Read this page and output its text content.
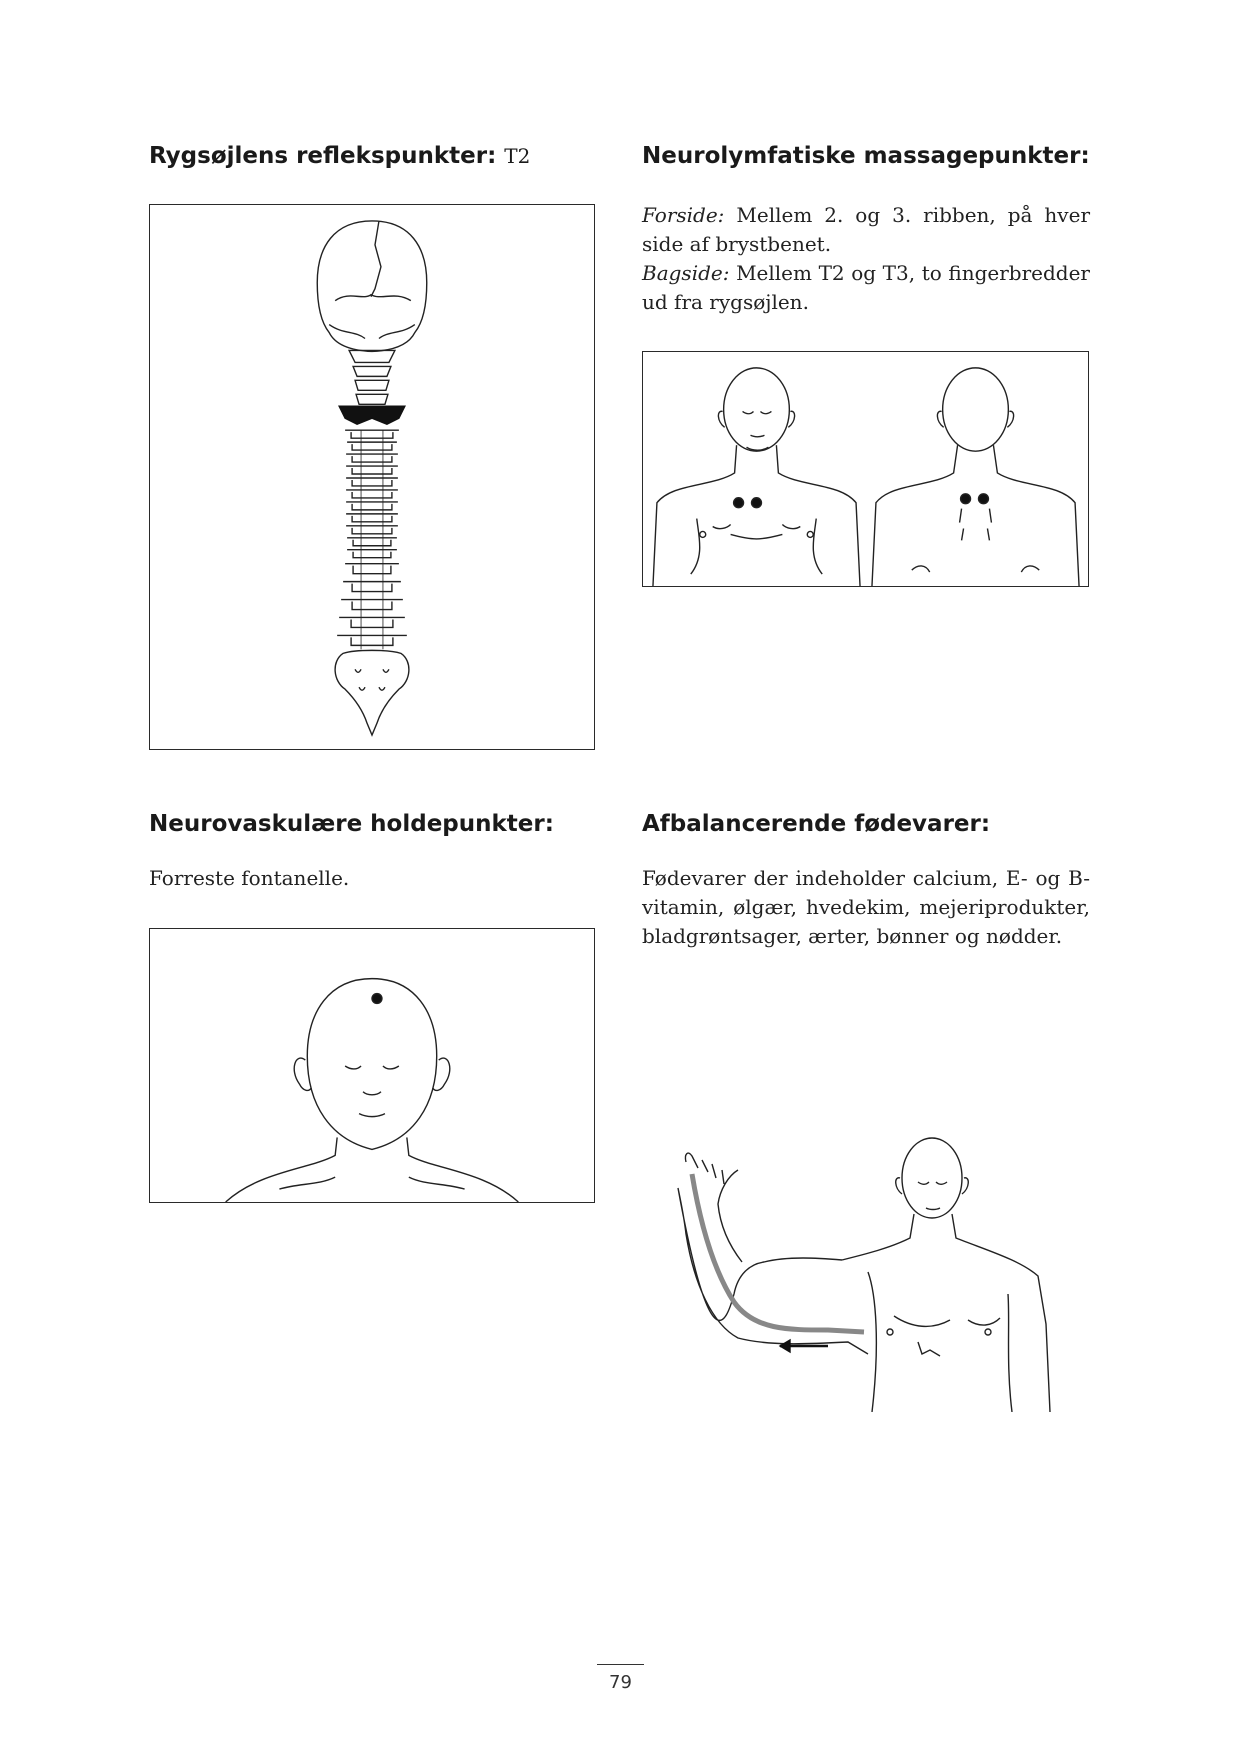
Rygsøjlens reflekspunkter: T2	Neurolymfatiske massagepunkter:
Forside: Mellem 2. og 3. ribben, på hver side af brystbenet.
Bagside: Mellem T2 og T3, to fingerbredder ud fra rygsøjlen.
Neurovaskulære holdepunkter:	Afbalancerende fødevarer:
Forreste fontanelle.	Fødevarer der indeholder calcium, E- og B-vitamin, ølgær, hvedekim, mejeriprodukter, bladgrøntsager, ærter, bønner og nødder.
79
